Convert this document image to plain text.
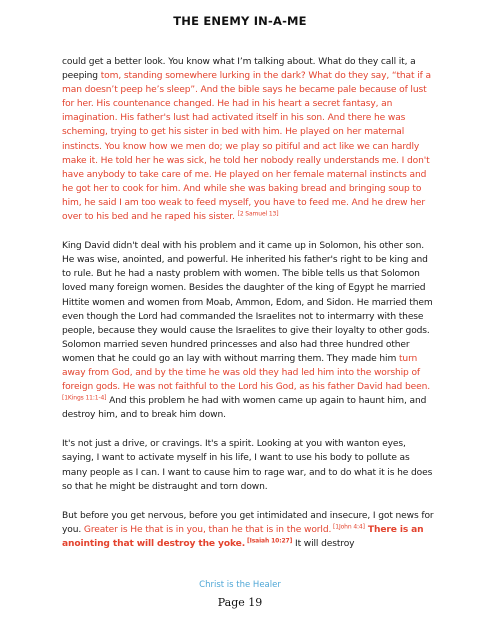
THE ENEMY IN-A-ME

could get a better look. You know what I’m talking about. What do they call it, a peeping tom, standing somewhere lurking in the dark? What do they say, “that if a man doesn’t peep he’s sleep”. And the bible says he became pale because of lust for her. His countenance changed. He had in his heart a secret fantasy, an imagination. His father's lust had activated itself in his son. And there he was scheming, trying to get his sister in bed with him. He played on her maternal instincts. You know how we men do; we play so pitiful and act like we can hardly make it. He told her he was sick, he told her nobody really understands me. I don't have anybody to take care of me. He played on her female maternal instincts and he got her to cook for him. And while she was baking bread and bringing soup to him, he said I am too weak to feed myself, you have to feed me. And he drew her over to his bed and he raped his sister. [2 Samuel 13]

King David didn't deal with his problem and it came up in Solomon, his other son. He was wise, anointed, and powerful. He inherited his father's right to be king and to rule. But he had a nasty problem with women. The bible tells us that Solomon loved many foreign women. Besides the daughter of the king of Egypt he married Hittite women and women from Moab, Ammon, Edom, and Sidon. He married them even though the Lord had commanded the Israelites not to intermarry with these people, because they would cause the Israelites to give their loyalty to other gods. Solomon married seven hundred princesses and also had three hundred other women that he could go an lay with without marring them. They made him turn away from God, and by the time he was old they had led him into the worship of foreign gods. He was not faithful to the Lord his God, as his father David had been. [1Kings 11:1-4] And this problem he had with women came up again to haunt him, and destroy him, and to break him down.

It's not just a drive, or cravings. It's a spirit. Looking at you with wanton eyes, saying, I want to activate myself in his life, I want to use his body to pollute as many people as I can. I want to cause him to rage war, and to do what it is he does so that he might be distraught and torn down.

But before you get nervous, before you get intimidated and insecure, I got news for you. Greater is He that is in you, than he that is in the world. [1John 4:4] There is an anointing that will destroy the yoke. [Isaiah 10:27] It will destroy

Christ is the Healer
Page 19
